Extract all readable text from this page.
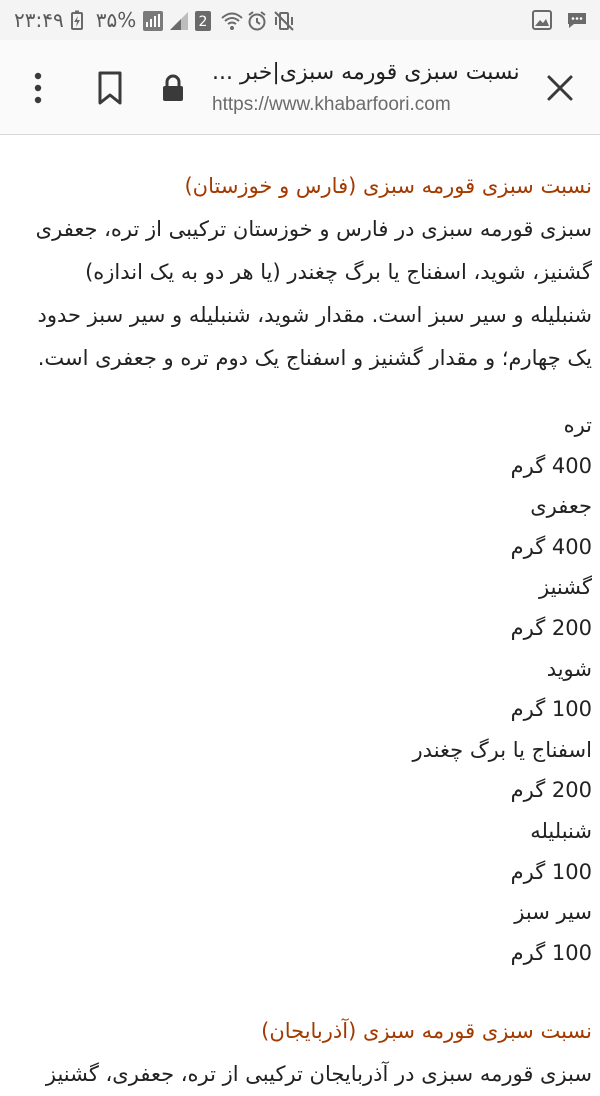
۲۳:۴۹ ۳۵%	2
نسبت سبزی قورمه سبزی|خبر ...
https://www.khabarfoori.com
نسبت سبزی قورمه سبزی (فارس و خوزستان)
سبزی قورمه سبزی در فارس و خوزستان ترکیبی از تره، جعفری
گشنیز، شوید، اسفناج یا برگ چغندر (یا هر دو به یک اندازه)
شنبلیله و سیر سبز است. مقدار شوید، شنبلیله و سیر سبز حدود
یک چهارم؛ و مقدار گشنیز و اسفناج یک دوم تره و جعفری است.
تره
400 گرم
جعفری
400 گرم
گشنیز
200 گرم
شوید
100 گرم
اسفناج یا برگ چغندر
200 گرم
شنبلیله
100 گرم
سیر سبز
100 گرم
نسبت سبزی قورمه سبزی (آذربایجان)
سبزی قورمه سبزی در آذربایجان ترکیبی از تره، جعفری، گشنیز
